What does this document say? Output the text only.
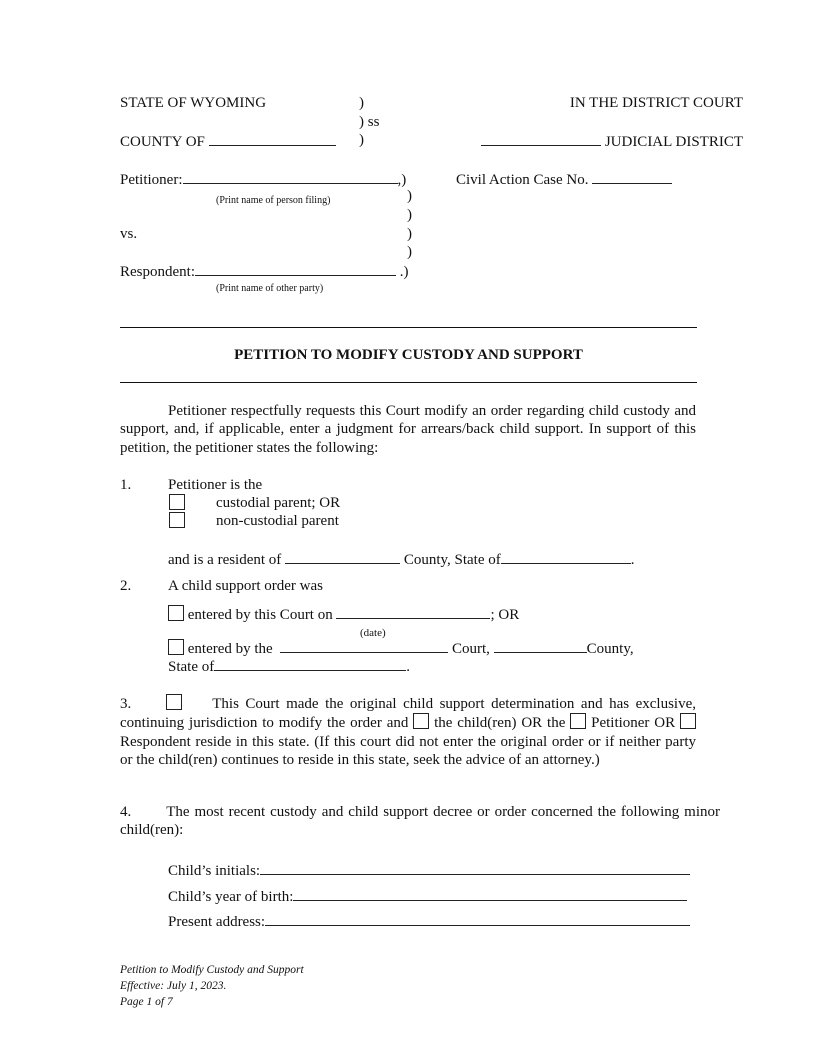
STATE OF WYOMING	)
) ss
IN THE DISTRICT COURT
COUNTY OF	)	JUDICIAL DISTRICT
Petitioner:	,)
(Print name of person filing)
Civil Action Case No.
)
)
vs.	)
)
Respondent:	.)
(Print name of other party)
PETITION TO MODIFY CUSTODY AND SUPPORT
Petitioner respectfully requests this Court modify an order regarding child custody and support, and, if applicable, enter a judgment for arrears/back child support. In support of this petition, the petitioner states the following:
1. Petitioner is the
custodial parent; OR
non-custodial parent
and is a resident of	County, State of	.
2. A child support order was
entered by this Court on	; OR
(date)
entered by the	Court,	County,
State of	.
3.	This Court made the original child support determination and has exclusive, continuing jurisdiction to modify the order and the child(ren) OR the Petitioner OR  Respondent reside in this state. (If this court did not enter the original order or if neither party or the child(ren) continues to reside in this state, seek the advice of an attorney.)
4. The most recent custody and child support decree or order concerned the following minor child(ren):
Child’s initials:
Child’s year of birth:
Present address:
Petition to Modify Custody and Support
Effective: July 1, 2023.
Page 1 of 7
